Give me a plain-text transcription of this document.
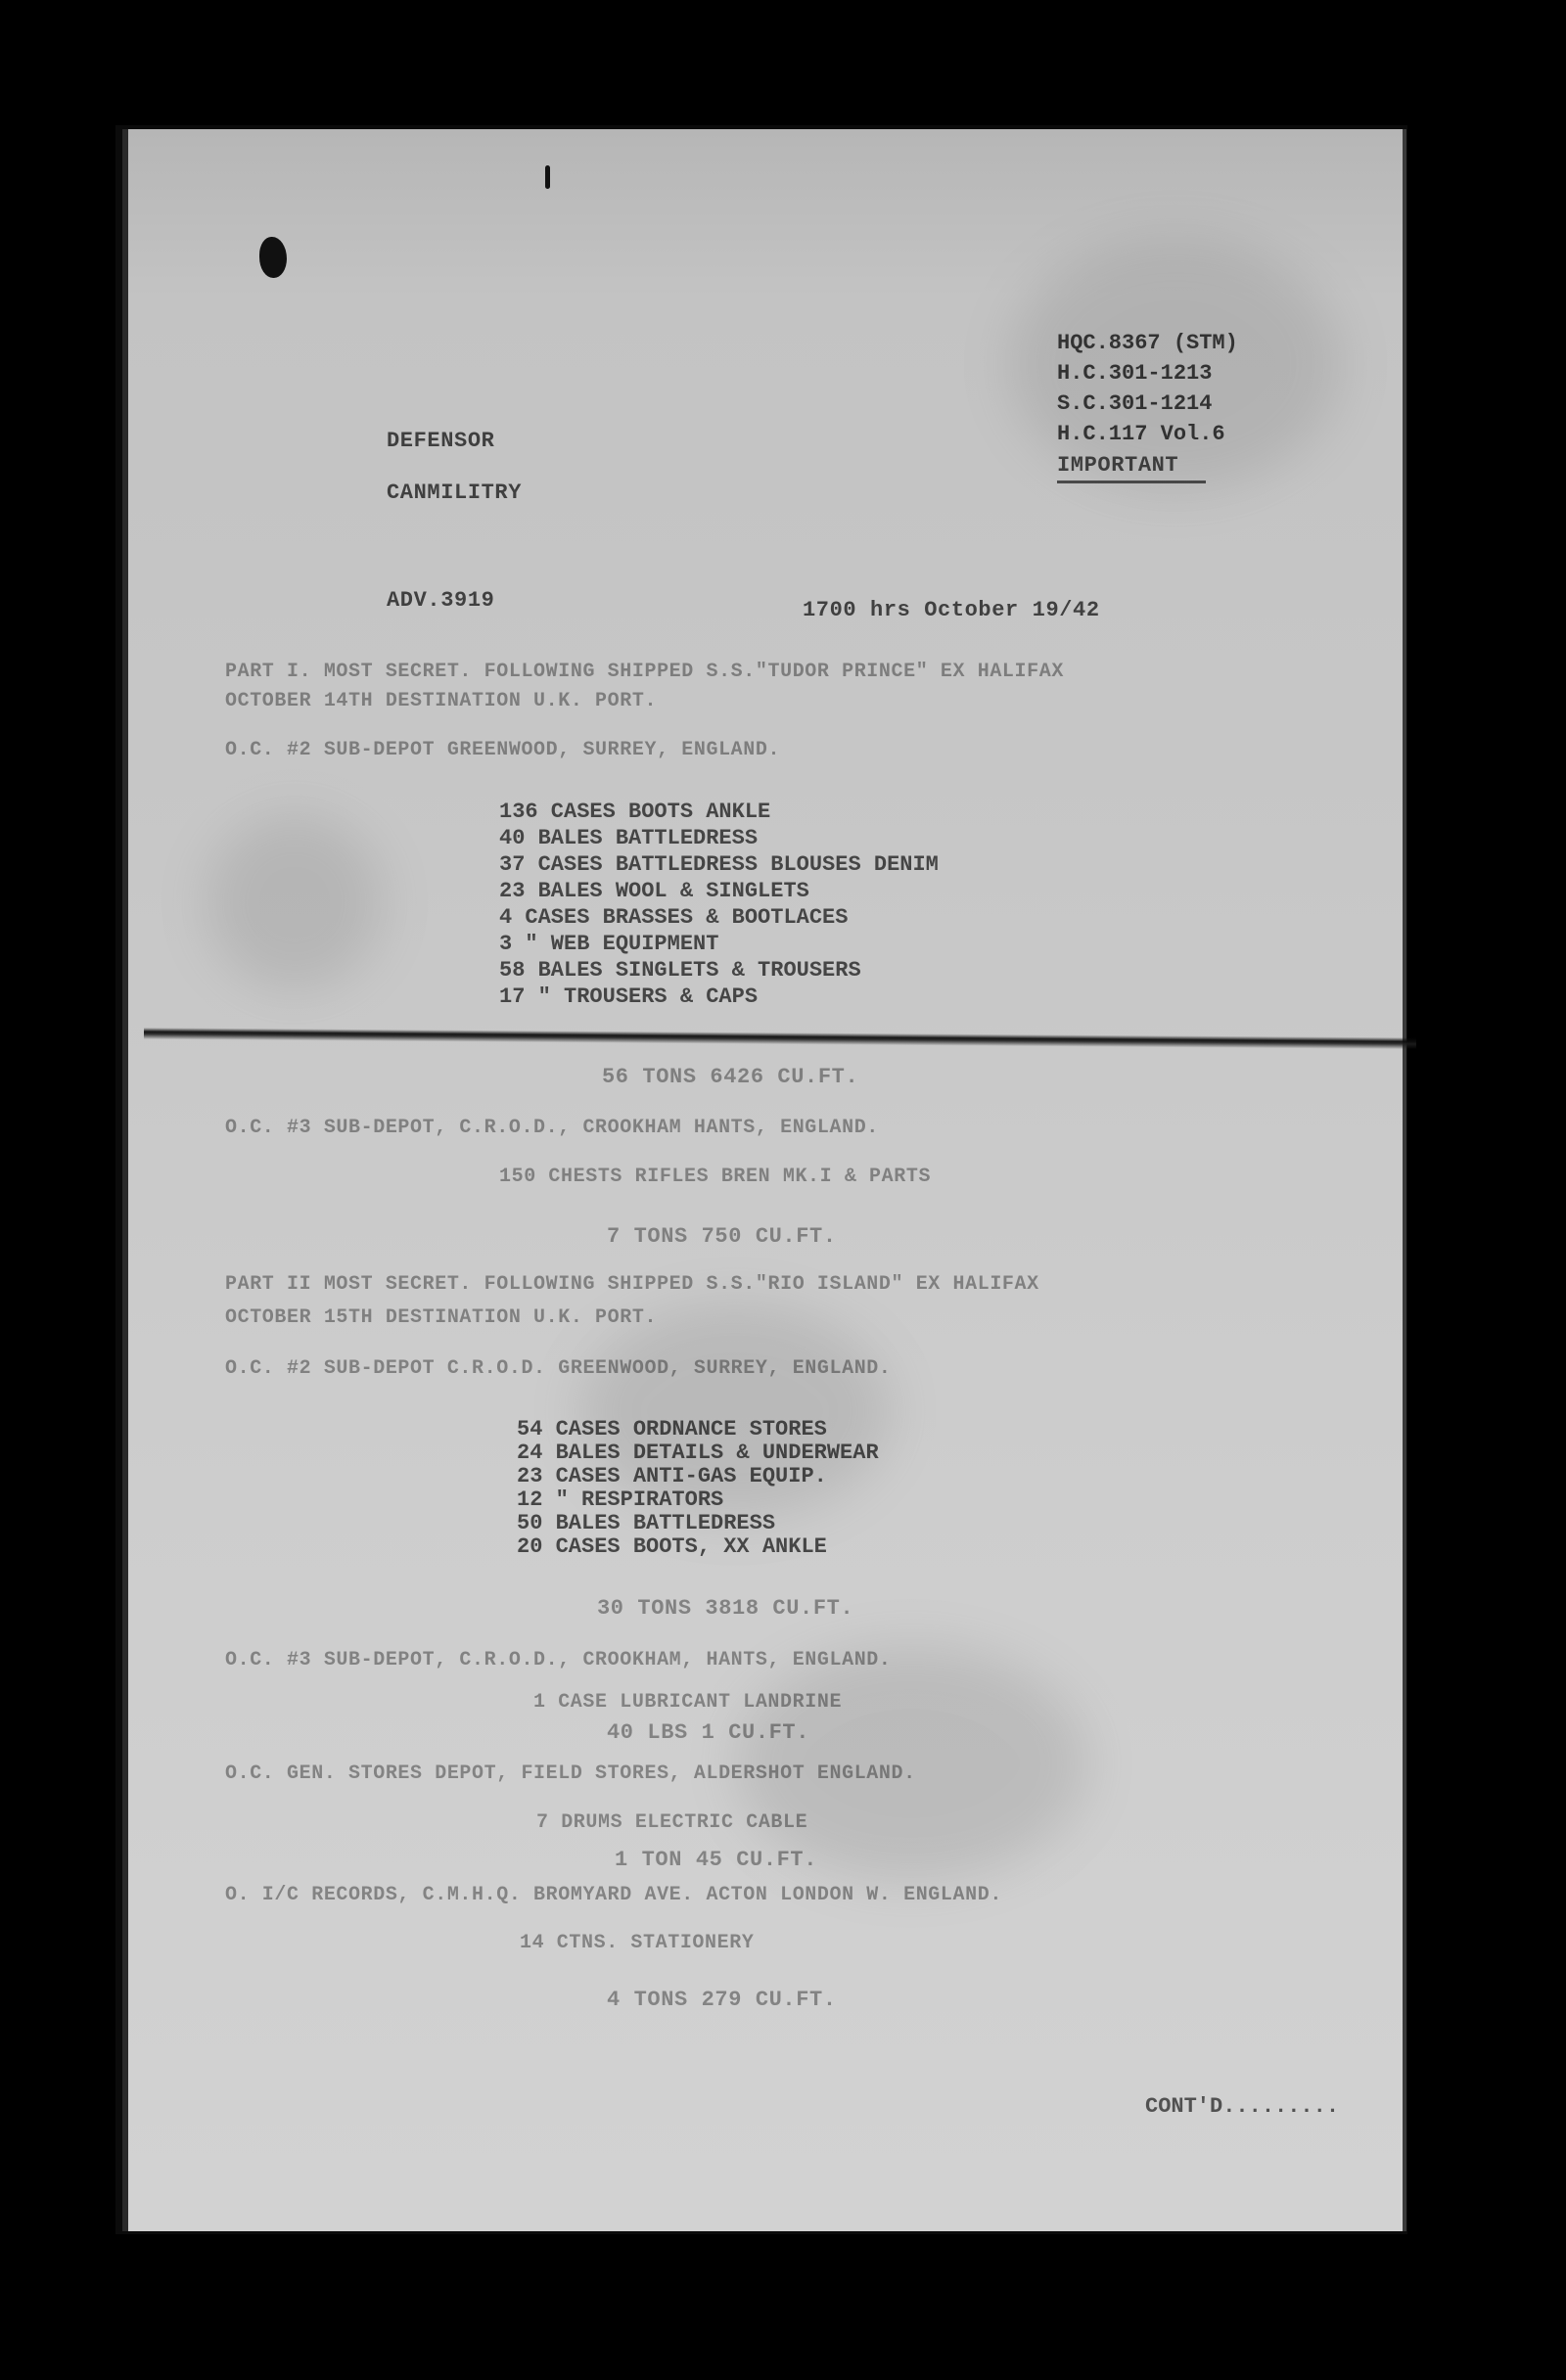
HQC.8367 (STM)
H.C.301-1213
S.C.301-1214
H.C.117 Vol.6
DEFENSOR
CANMILITRY
IMPORTANT
ADV.3919	1700 hrs October 19/42
PART I. MOST SECRET. FOLLOWING SHIPPED S.S."TUDOR PRINCE" EX HALIFAX
OCTOBER 14TH DESTINATION U.K. PORT.
O.C. #2 SUB-DEPOT GREENWOOD, SURREY, ENGLAND.
136 CASES BOOTS ANKLE
40 BALES BATTLEDRESS
37 CASES BATTLEDRESS BLOUSES DENIM
23 BALES WOOL & SINGLETS
4 CASES BRASSES & BOOTLACES
3 " WEB EQUIPMENT
58 BALES SINGLETS & TROUSERS
17 " TROUSERS & CAPS
56 TONS 6426 CU.FT.
O.C. #3 SUB-DEPOT, C.R.O.D., CROOKHAM HANTS, ENGLAND.
150 CHESTS RIFLES BREN MK.I & PARTS
7 TONS 750 CU.FT.
PART II MOST SECRET. FOLLOWING SHIPPED S.S."RIO ISLAND" EX HALIFAX
OCTOBER 15TH DESTINATION U.K. PORT.
O.C. #2 SUB-DEPOT C.R.O.D. GREENWOOD, SURREY, ENGLAND.
54 CASES ORDNANCE STORES
24 BALES DETAILS & UNDERWEAR
23 CASES ANTI-GAS EQUIP.
12 " RESPIRATORS
50 BALES BATTLEDRESS
20 CASES BOOTS, XX ANKLE
30 TONS 3818 CU.FT.
O.C. #3 SUB-DEPOT, C.R.O.D., CROOKHAM, HANTS, ENGLAND.
1 CASE LUBRICANT LANDRINE
40 LBS 1 CU.FT.
O.C. GEN. STORES DEPOT, FIELD STORES, ALDERSHOT ENGLAND.
7 DRUMS ELECTRIC CABLE
1 TON 45 CU.FT.
O. I/C RECORDS, C.M.H.Q. BROMYARD AVE. ACTON LONDON W. ENGLAND.
14 CTNS. STATIONERY
4 TONS 279 CU.FT.
CONT'D.........
